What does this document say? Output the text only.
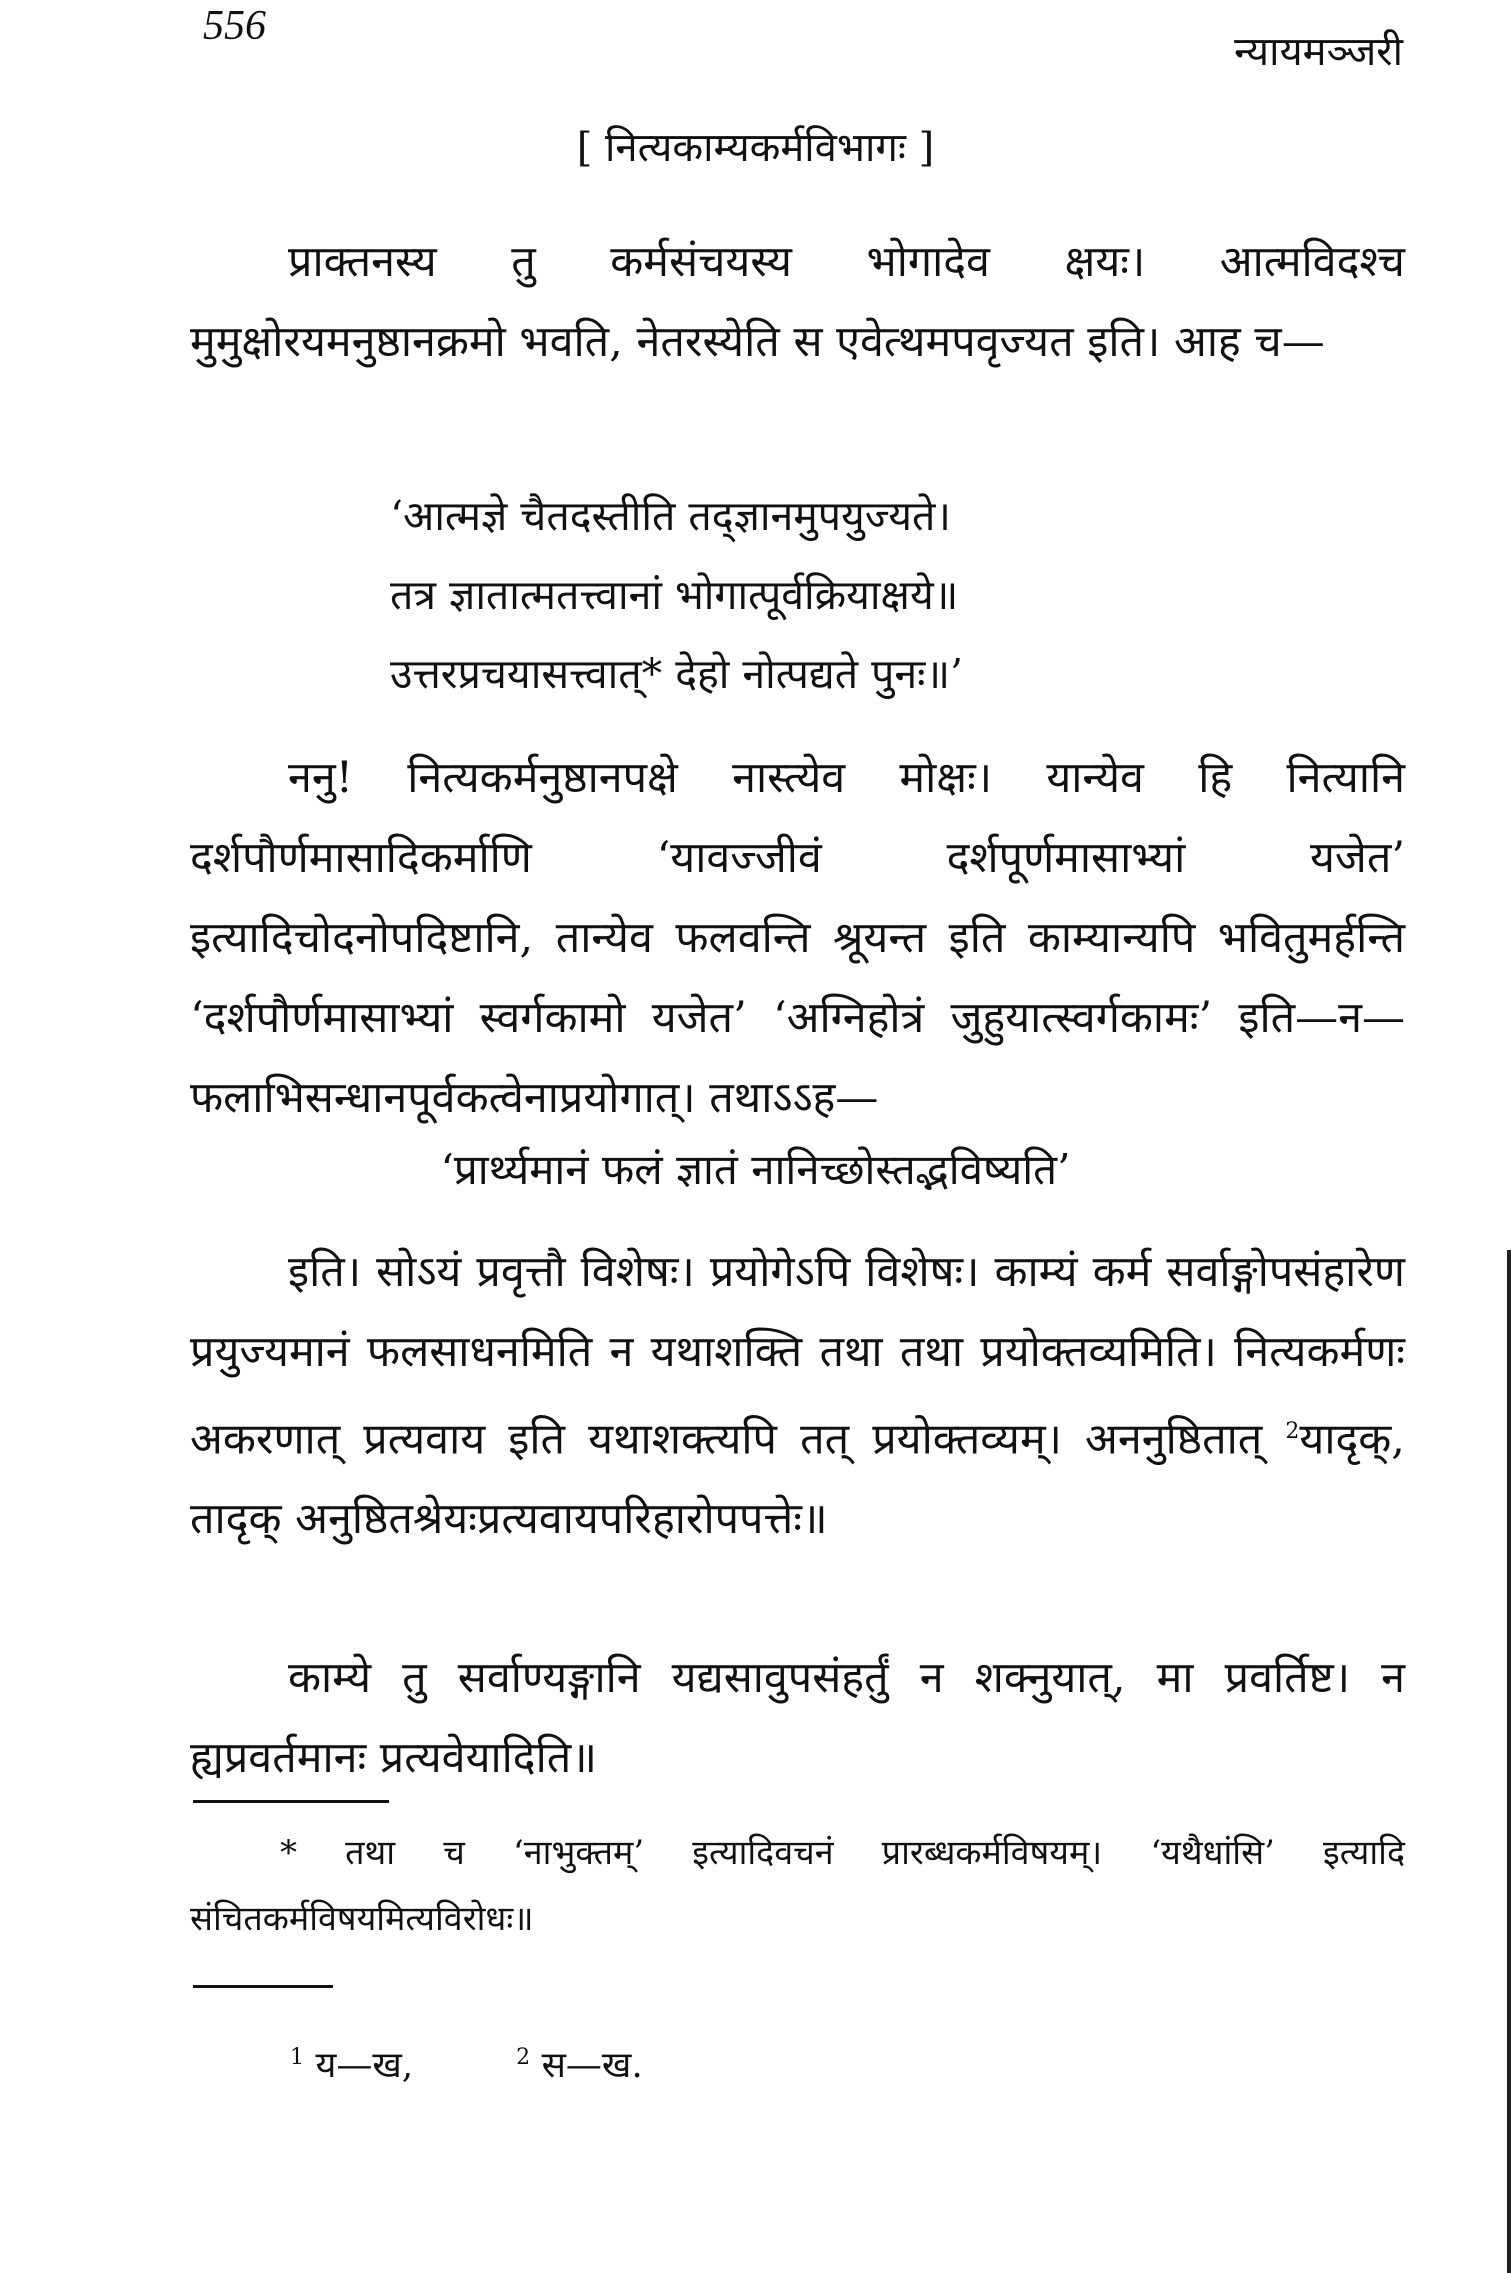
556
न्यायमञ्जरी
[ नित्यकाम्यकर्मविभागः ]
प्राक्तनस्य तु कर्मसंचयस्य भोगादेव क्षयः। आत्मविदश्च मुमुक्षोरयमनुष्ठानक्रमो भवति, नेतरस्येति स एवेत्थमपवृज्यत इति। आह च—
‘आत्मज्ञे चैतदस्तीति तद्ज्ञानमुपयुज्यते।
तत्र ज्ञातात्मतत्त्वानां भोगात्पूर्वक्रियाक्षये॥
उत्तरप्रचयासत्त्वात्* देहो नोत्पद्यते पुनः॥’
ननु! नित्यकर्मनुष्ठानपक्षे नास्त्येव मोक्षः। यान्येव हि नित्यानि दर्शपौर्णमासादिकर्माणि ‘यावज्जीवं दर्शपूर्णमासाभ्यां यजेत’ इत्यादिचोदनोपदिष्टानि, तान्येव फलवन्ति श्रूयन्त इति काम्यान्यपि भवितुमर्हन्ति ‘दर्शपौर्णमासाभ्यां स्वर्गकामो यजेत’ ‘अग्निहोत्रं जुहुयात्स्वर्गकामः’ इति—न—फलाभिसन्धानपूर्वकत्वेनाप्रयोगात्। तथाऽऽह—
‘प्रार्थ्यमानं फलं ज्ञातं नानिच्छोस्तद्भविष्यति’
इति। सोऽयं प्रवृत्तौ विशेषः। प्रयोगेऽपि विशेषः। काम्यं कर्म सर्वाङ्गोपसंहारेण प्रयुज्यमानं फलसाधनमिति न यथाशक्ति तथा तथा प्रयोक्तव्यमिति। नित्यकर्मणः अकरणात् प्रत्यवाय इति यथाशक्त्यपि तत् प्रयोक्तव्यम्। अननुष्ठितात् $^2$यादृक्, तादृक् अनुष्ठितश्रेयःप्रत्यवायपरिहारोपपत्तेः॥
काम्ये तु सर्वाण्यङ्गानि यद्यसावुपसंहर्तुं न शक्नुयात्, मा प्रवर्तिष्ट। न ह्यप्रवर्तमानः प्रत्यवेयादिति॥
* तथा च ‘नाभुक्तम्’ इत्यादिवचनं प्रारब्धकर्मविषयम्। ‘यथैधांसि’ इत्यादि संचितकर्मविषयमित्यविरोधः॥
$^1$ य—ख,	$^2$ स—ख.
